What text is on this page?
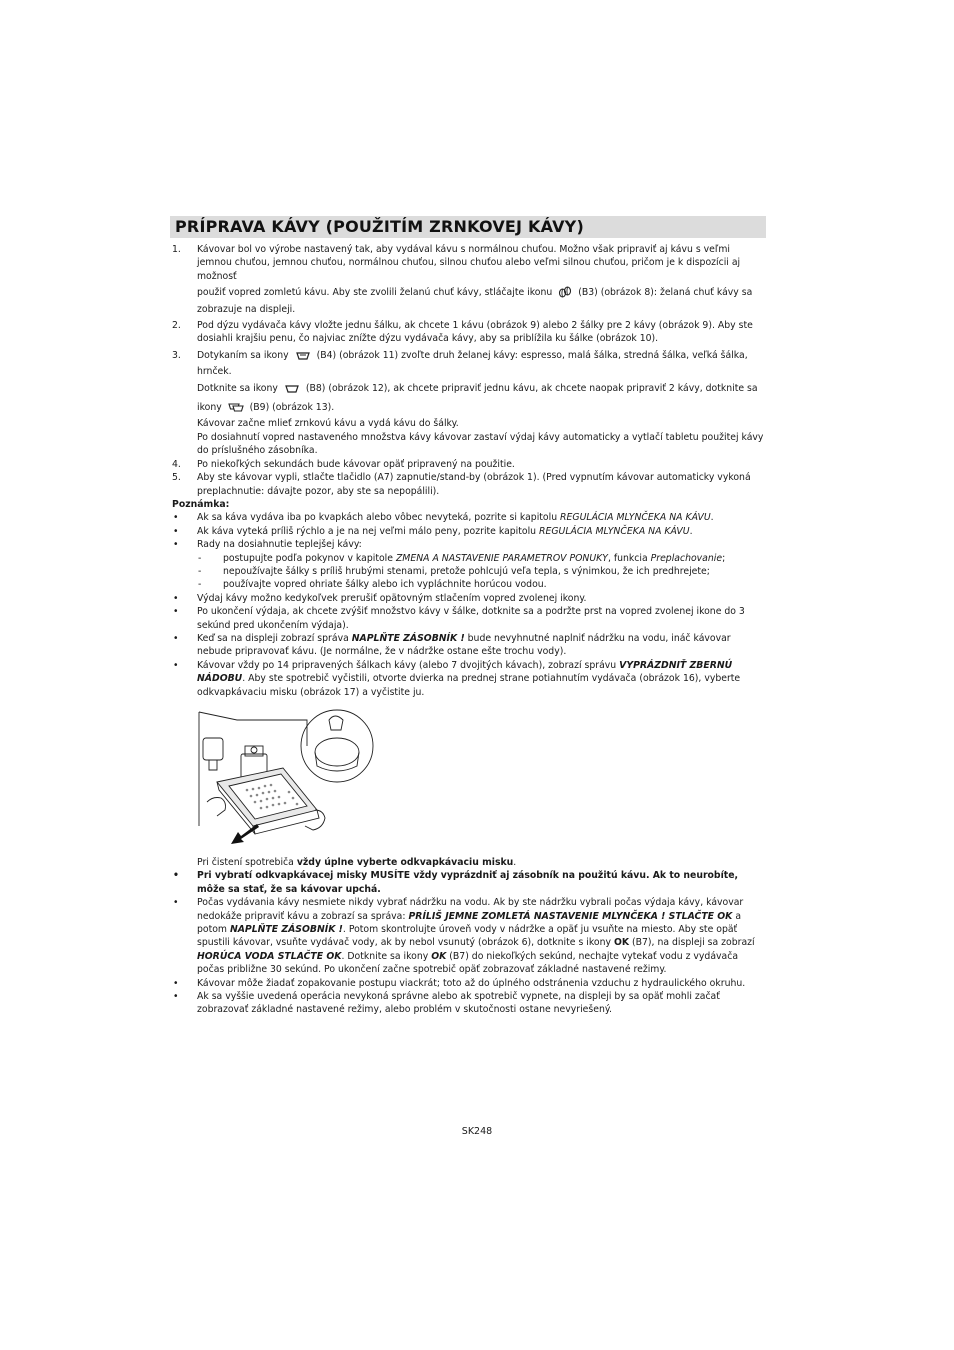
PRÍPRAVA KÁVY (POUŽITÍM ZRNKOVEJ KÁVY)
1. Kávovar bol vo výrobe nastavený tak, aby vydával kávu s normálnou chuťou. Možno však pripraviť aj kávu s veľmi jemnou chuťou, jemnou chuťou, normálnou chuťou, silnou chuťou alebo veľmi silnou chuťou, pričom je k dispozícii aj možnosť
použiť vopred zomletú kávu. Aby ste zvolili želanú chuť kávy, stláčajte ikonu	(B3) (obrázok 8): želaná chuť kávy sa zobrazuje na displeji.
2. Pod dýzu vydávača kávy vložte jednu šálku, ak chcete 1 kávu (obrázok 9) alebo 2 šálky pre 2 kávy (obrázok 9). Aby ste dosiahli krajšiu penu, čo najviac znížte dýzu vydávača kávy, aby sa priblížila ku šálke (obrázok 10).
3. Dotykaním sa ikony	(B4) (obrázok 11) zvoľte druh želanej kávy: espresso, malá šálka, stredná šálka, veľká šálka, hrnček.
Dotknite sa ikony	(B8) (obrázok 12), ak chcete pripraviť jednu kávu, ak chcete naopak pripraviť 2 kávy, dotknite sa
ikony	(B9) (obrázok 13).
Kávovar začne mlieť zrnkovú kávu a vydá kávu do šálky.
Po dosiahnutí vopred nastaveného množstva kávy kávovar zastaví výdaj kávy automaticky a vytlačí tabletu použitej kávy do príslušného zásobníka.
4. Po niekoľkých sekundách bude kávovar opäť pripravený na použitie.
5. Aby ste kávovar vypli, stlačte tlačidlo (A7) zapnutie/stand-by (obrázok 1). (Pred vypnutím kávovar automaticky vykoná preplachnutie: dávajte pozor, aby ste sa nepopálili).
Poznámka:
• Ak sa káva vydáva iba po kvapkách alebo vôbec nevyteká, pozrite si kapitolu REGULÁCIA MLYNČEKA NA KÁVU.
• Ak káva vyteká príliš rýchlo a je na nej veľmi málo peny, pozrite kapitolu REGULÁCIA MLYNČEKA NA KÁVU.
• Rady na dosiahnutie teplejšej kávy:
- postupujte podľa pokynov v kapitole ZMENA A NASTAVENIE PARAMETROV PONUKY, funkcia Preplachovanie;
- nepoužívajte šálky s príliš hrubými stenami, pretože pohlcujú veľa tepla, s výnimkou, že ich predhrejete;
- používajte vopred ohriate šálky alebo ich vypláchnite horúcou vodou.
• Výdaj kávy možno kedykoľvek prerušiť opätovným stlačením vopred zvolenej ikony.
• Po ukončení výdaja, ak chcete zvýšiť množstvo kávy v šálke, dotknite sa a podržte prst na vopred zvolenej ikone do 3 sekúnd pred ukončením výdaja).
• Keď sa na displeji zobrazí správa NAPLŇTE ZÁSOBNÍK ! bude nevyhnutné naplniť nádržku na vodu, ináč kávovar nebude pripravovať kávu. (Je normálne, že v nádržke ostane ešte trochu vody).
• Kávovar vždy po 14 pripravených šálkach kávy (alebo 7 dvojitých kávach), zobrazí správu VYPRÁZDNIŤ ZBERNÚ NÁDOBU. Aby ste spotrebič vyčistili, otvorte dvierka na prednej strane potiahnutím vydávača (obrázok 16), vyberte odkvapkávaciu misku (obrázok 17) a vyčistite ju.
Pri čistení spotrebiča vždy úplne vyberte odkvapkávaciu misku.
• Pri vybratí odkvapkávacej misky MUSÍTE vždy vyprázdniť aj zásobník na použitú kávu. Ak to neurobíte, môže sa stať, že sa kávovar upchá.
• Počas vydávania kávy nesmiete nikdy vybrať nádržku na vodu. Ak by ste nádržku vybrali počas výdaja kávy, kávovar nedokáže pripraviť kávu a zobrazí sa správa: PRÍLIŠ JEMNE ZOMLETÁ NASTAVENIE MLYNČEKA ! STLAČTE OK a potom NAPLŇTE ZÁSOBNÍK !. Potom skontrolujte úroveň vody v nádržke a opäť ju vsuňte na miesto. Aby ste opäť spustili kávovar, vsuňte vydávač vody, ak by nebol vsunutý (obrázok 6), dotknite s ikony OK (B7), na displeji sa zobrazí HORÚCA VODA STLAČTE OK. Dotknite sa ikony OK (B7) do niekoľkých sekúnd, nechajte vytekať vodu z vydávača počas približne 30 sekúnd. Po ukončení začne spotrebič opäť zobrazovať základné nastavené režimy.
• Kávovar môže žiadať zopakovanie postupu viackrát; toto až do úplného odstránenia vzduchu z hydraulického okruhu.
• Ak sa vyššie uvedená operácia nevykoná správne alebo ak spotrebič vypnete, na displeji by sa opäť mohli začať zobrazovať základné nastavené režimy, alebo problém v skutočnosti ostane nevyriešený.
SK248
